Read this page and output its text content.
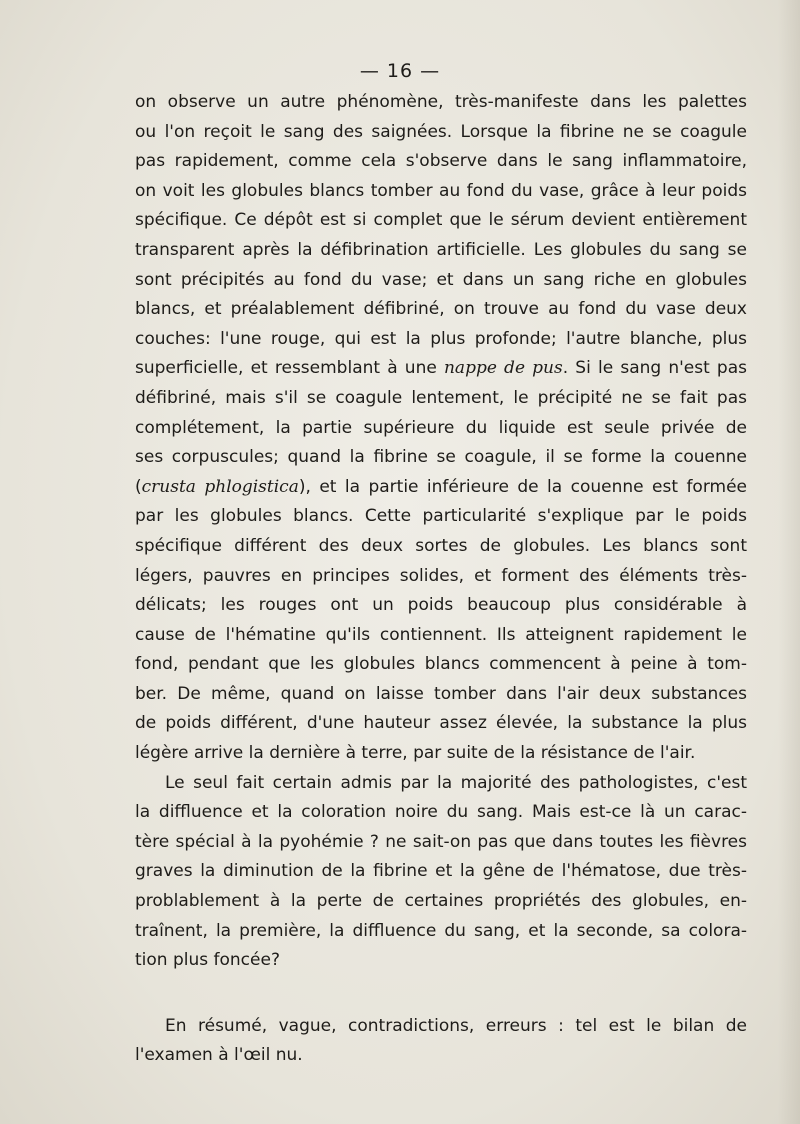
— 16 —
on observe un autre phénomène, très-manifeste dans les palettes
ou l'on reçoit le sang des saignées. Lorsque la fibrine ne se coagule
pas rapidement, comme cela s'observe dans le sang inflammatoire,
on voit les globules blancs tomber au fond du vase, grâce à leur poids
spécifique. Ce dépôt est si complet que le sérum devient entièrement
transparent après la défibrination artificielle. Les globules du sang se
sont précipités au fond du vase; et dans un sang riche en globules
blancs, et préalablement défibriné, on trouve au fond du vase deux
couches: l'une rouge, qui est la plus profonde; l'autre blanche, plus
superficielle, et ressemblant à une nappe de pus. Si le sang n'est pas
défibriné, mais s'il se coagule lentement, le précipité ne se fait pas
complétement, la partie supérieure du liquide est seule privée de
ses corpuscules; quand la fibrine se coagule, il se forme la couenne
(crusta phlogistica), et la partie inférieure de la couenne est formée
par les globules blancs. Cette particularité s'explique par le poids
spécifique différent des deux sortes de globules. Les blancs sont
légers, pauvres en principes solides, et forment des éléments très-
délicats; les rouges ont un poids beaucoup plus considérable à
cause de l'hématine qu'ils contiennent. Ils atteignent rapidement le
fond, pendant que les globules blancs commencent à peine à tom-
ber. De même, quand on laisse tomber dans l'air deux substances
de poids différent, d'une hauteur assez élevée, la substance la plus
légère arrive la dernière à terre, par suite de la résistance de l'air.
Le seul fait certain admis par la majorité des pathologistes, c'est
la diffluence et la coloration noire du sang. Mais est-ce là un carac-
tère spécial à la pyohémie ? ne sait-on pas que dans toutes les fièvres
graves la diminution de la fibrine et la gêne de l'hématose, due très-
problablement à la perte de certaines propriétés des globules, en-
traînent, la première, la diffluence du sang, et la seconde, sa colora-
tion plus foncée?
En résumé, vague, contradictions, erreurs : tel est le bilan de
l'examen à l'œil nu.
